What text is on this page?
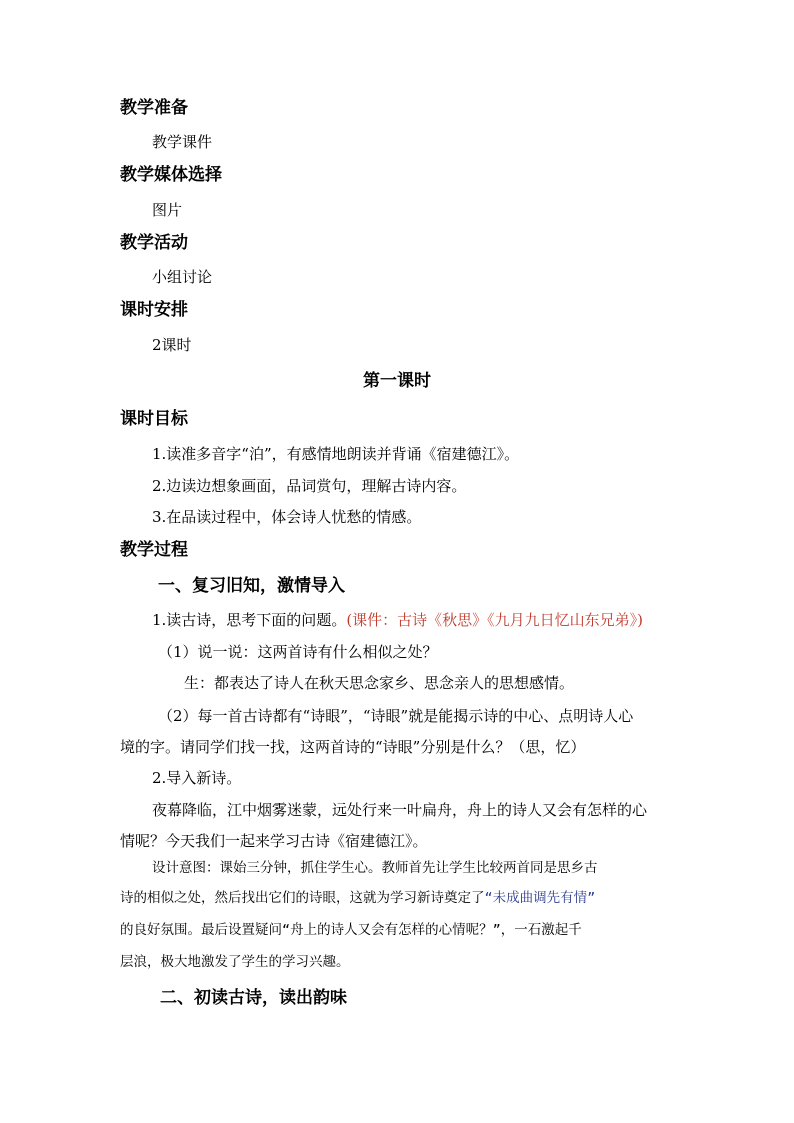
教学准备
教学课件
教学媒体选择
图片
教学活动
小组讨论
课时安排
2课时
第一课时
课时目标
1.读准多音字“泊”，有感情地朗读并背诵《宿建德江》。
2.边读边想象画面，品词赏句，理解古诗内容。
3.在品读过程中，体会诗人忧愁的情感。
教学过程
一、复习旧知，激情导入
1.读古诗，思考下面的问题。(课件：古诗《秋思》《九月九日忆山东兄弟》)
（1）说一说：这两首诗有什么相似之处？
生：都表达了诗人在秋天思念家乡、思念亲人的思想感情。
（2）每一首古诗都有“诗眼”，“诗眼”就是能揭示诗的中心、点明诗人心
境的字。请同学们找一找，这两首诗的“诗眼”分别是什么？（思，忆）
2.导入新诗。
夜幕降临，江中烟雾迷蒙，远处行来一叶扁舟，舟上的诗人又会有怎样的心
情呢？今天我们一起来学习古诗《宿建德江》。
设计意图：课始三分钟，抓住学生心。教师首先让学生比较两首同是思乡古
诗的相似之处，然后找出它们的诗眼，这就为学习新诗奠定了“未成曲调先有情”
的良好氛围。最后设置疑问“舟上的诗人又会有怎样的心情呢？”，一石激起千
层浪，极大地激发了学生的学习兴趣。
二、初读古诗，读出韵味
